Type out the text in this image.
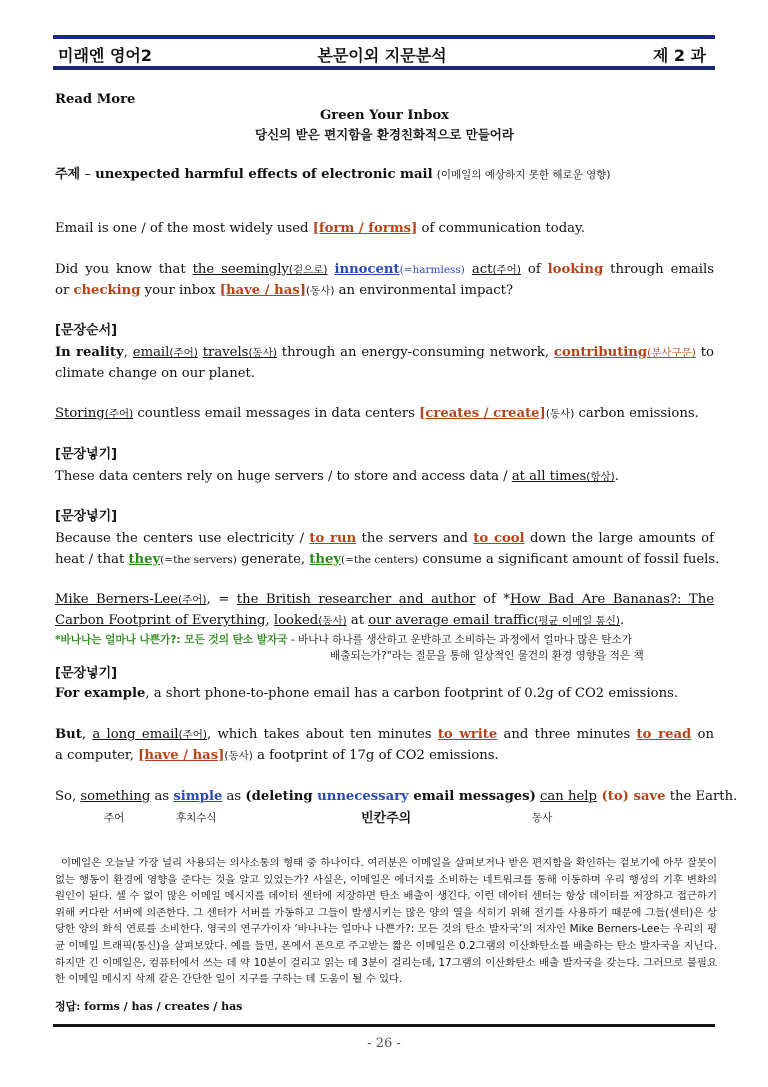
본문이외 지문분석
미래엔 영어2	제 2 과
Read More
Green Your Inbox
당신의 받은 편지함을 환경친화적으로 만들어라
주제 – unexpected harmful effects of electronic mail (이메일의 예상하지 못한 해로운 영향)
Email is one / of the most widely used [form / forms] of communication today.
Did you know that the seemingly(겉으로) innocent(=harmless) act(주어) of looking through emails
or checking your inbox [have / has](동사) an environmental impact?
[문장순서]
In reality, email(주어) travels(동사) through an energy-consuming network, contributing(분사구문) to
climate change on our planet.
Storing(주어) countless email messages in data centers [creates / create](동사) carbon emissions.
[문장넣기]
These data centers rely on huge servers / to store and access data / at all times(항상).
[문장넣기]
Because the centers use electricity / to run the servers and to cool down the large amounts of
heat / that they(=the servers) generate, they(=the centers) consume a significant amount of fossil fuels.
Mike Berners-Lee(주어), = the British researcher and author of *How Bad Are Bananas?: The
Carbon Footprint of Everything, looked(동사) at our average email traffic(평균 이메일 통신).
*바나나는 얼마나 나쁜가?: 모든 것의 탄소 발자국 - 바나나 하나를 생산하고 운반하고 소비하는 과정에서 얼마나 많은 탄소가
배출되는가?"라는 질문을 통해 일상적인 물건의 환경 영향을 적은 책
[문장넣기]
For example, a short phone-to-phone email has a carbon footprint of 0.2g of CO2 emissions.
But, a long email(주어), which takes about ten minutes to write and three minutes to read on
a computer, [have / has](동사) a footprint of 17g of CO2 emissions.
So, something as simple as (deleting unnecessary email messages) can help (to) save the Earth.
주어	후치수식	빈칸주의	동사

이메일은 오늘날 가장 널리 사용되는 의사소통의 형태 중 하나이다. 여러분은 이메일을 살펴보거나 받은 편지함을 확인하는 겉보기에 아무 잘못이 없는 행동이 환경에 영향을 준다는 것을 알고 있었는가? 사실은, 이메일은 에너지를 소비하는 네트워크를 통해 이동하며 우리 행성의 기후 변화의 원인이 된다. 셀 수 없이 많은 이메일 메시지를 데이터 센터에 저장하면 탄소 배출이 생긴다. 이런 데이터 센터는 항상 데이터를 저장하고 접근하기 위해 커다란 서버에 의존한다. 그 센터가 서버를 가동하고 그들이 발생시키는 많은 양의 열을 식히기 위해 전기를 사용하기 때문에 그들(센터)은 상당한 양의 화석 연료를 소비한다. 영국의 연구가이자 ‘바나나는 얼마나 나쁜가?: 모든 것의 탄소 발자국’의 저자인 Mike Berners-Lee는 우리의 평균 이메일 트래픽(통신)을 살펴보았다. 예를 들면, 폰에서 폰으로 주고받는 짧은 이메일은 0.2그램의 이산화탄소를 배출하는 탄소 발자국을 지닌다. 하지만 긴 이메일은, 컴퓨터에서 쓰는 데 약 10분이 걸리고 읽는 데 3분이 걸리는데, 17그램의 이산화탄소 배출 발자국을 갖는다. 그러므로 불필요한 이메일 메시지 삭제 같은 간단한 일이 지구를 구하는 데 도움이 될 수 있다.

정답: forms / has / creates / has
- 26 -
